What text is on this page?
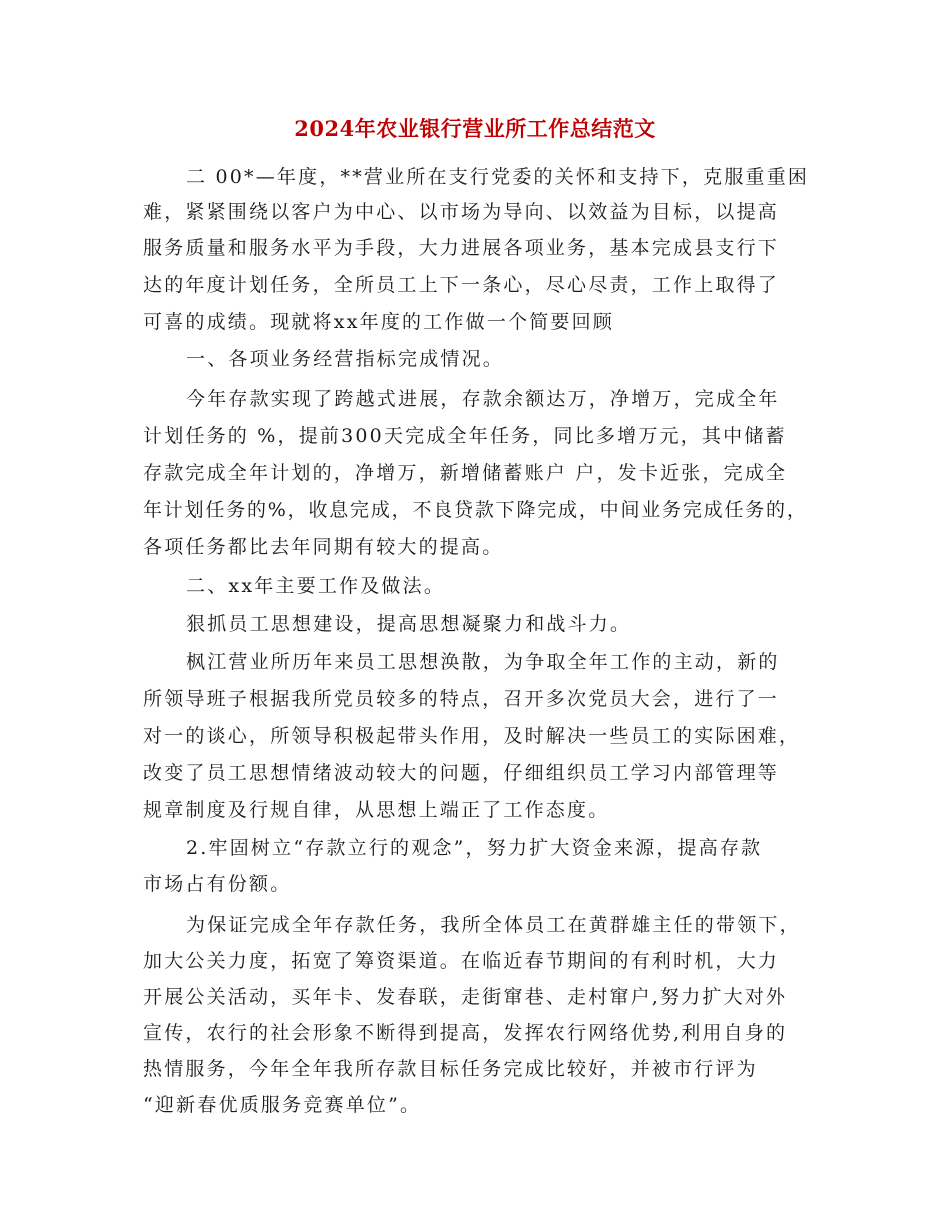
2024年农业银行营业所工作总结范文
二 00*—年度，**营业所在支行党委的关怀和支持下，克服重重困
难，紧紧围绕以客户为中心、以市场为导向、以效益为目标，以提高
服务质量和服务水平为手段，大力进展各项业务，基本完成县支行下
达的年度计划任务，全所员工上下一条心，尽心尽责，工作上取得了
可喜的成绩。现就将xx年度的工作做一个简要回顾
一、各项业务经营指标完成情况。
今年存款实现了跨越式进展，存款余额达万，净增万，完成全年
计划任务的 %，提前300天完成全年任务，同比多增万元，其中储蓄
存款完成全年计划的，净增万，新增储蓄账户 户，发卡近张，完成全
年计划任务的%，收息完成，不良贷款下降完成，中间业务完成任务的，
各项任务都比去年同期有较大的提高。
二、xx年主要工作及做法。
狠抓员工思想建设，提高思想凝聚力和战斗力。
枫江营业所历年来员工思想涣散，为争取全年工作的主动，新的
所领导班子根据我所党员较多的特点，召开多次党员大会，进行了一
对一的谈心，所领导积极起带头作用，及时解决一些员工的实际困难，
改变了员工思想情绪波动较大的问题，仔细组织员工学习内部管理等
规章制度及行规自律，从思想上端正了工作态度。
2.牢固树立“存款立行的观念”，努力扩大资金来源，提高存款
市场占有份额。
为保证完成全年存款任务，我所全体员工在黄群雄主任的带领下，
加大公关力度，拓宽了筹资渠道。在临近春节期间的有利时机，大力
开展公关活动，买年卡、发春联，走街窜巷、走村窜户,努力扩大对外
宣传，农行的社会形象不断得到提高，发挥农行网络优势,利用自身的
热情服务，今年全年我所存款目标任务完成比较好，并被市行评为
“迎新春优质服务竞赛单位”。
